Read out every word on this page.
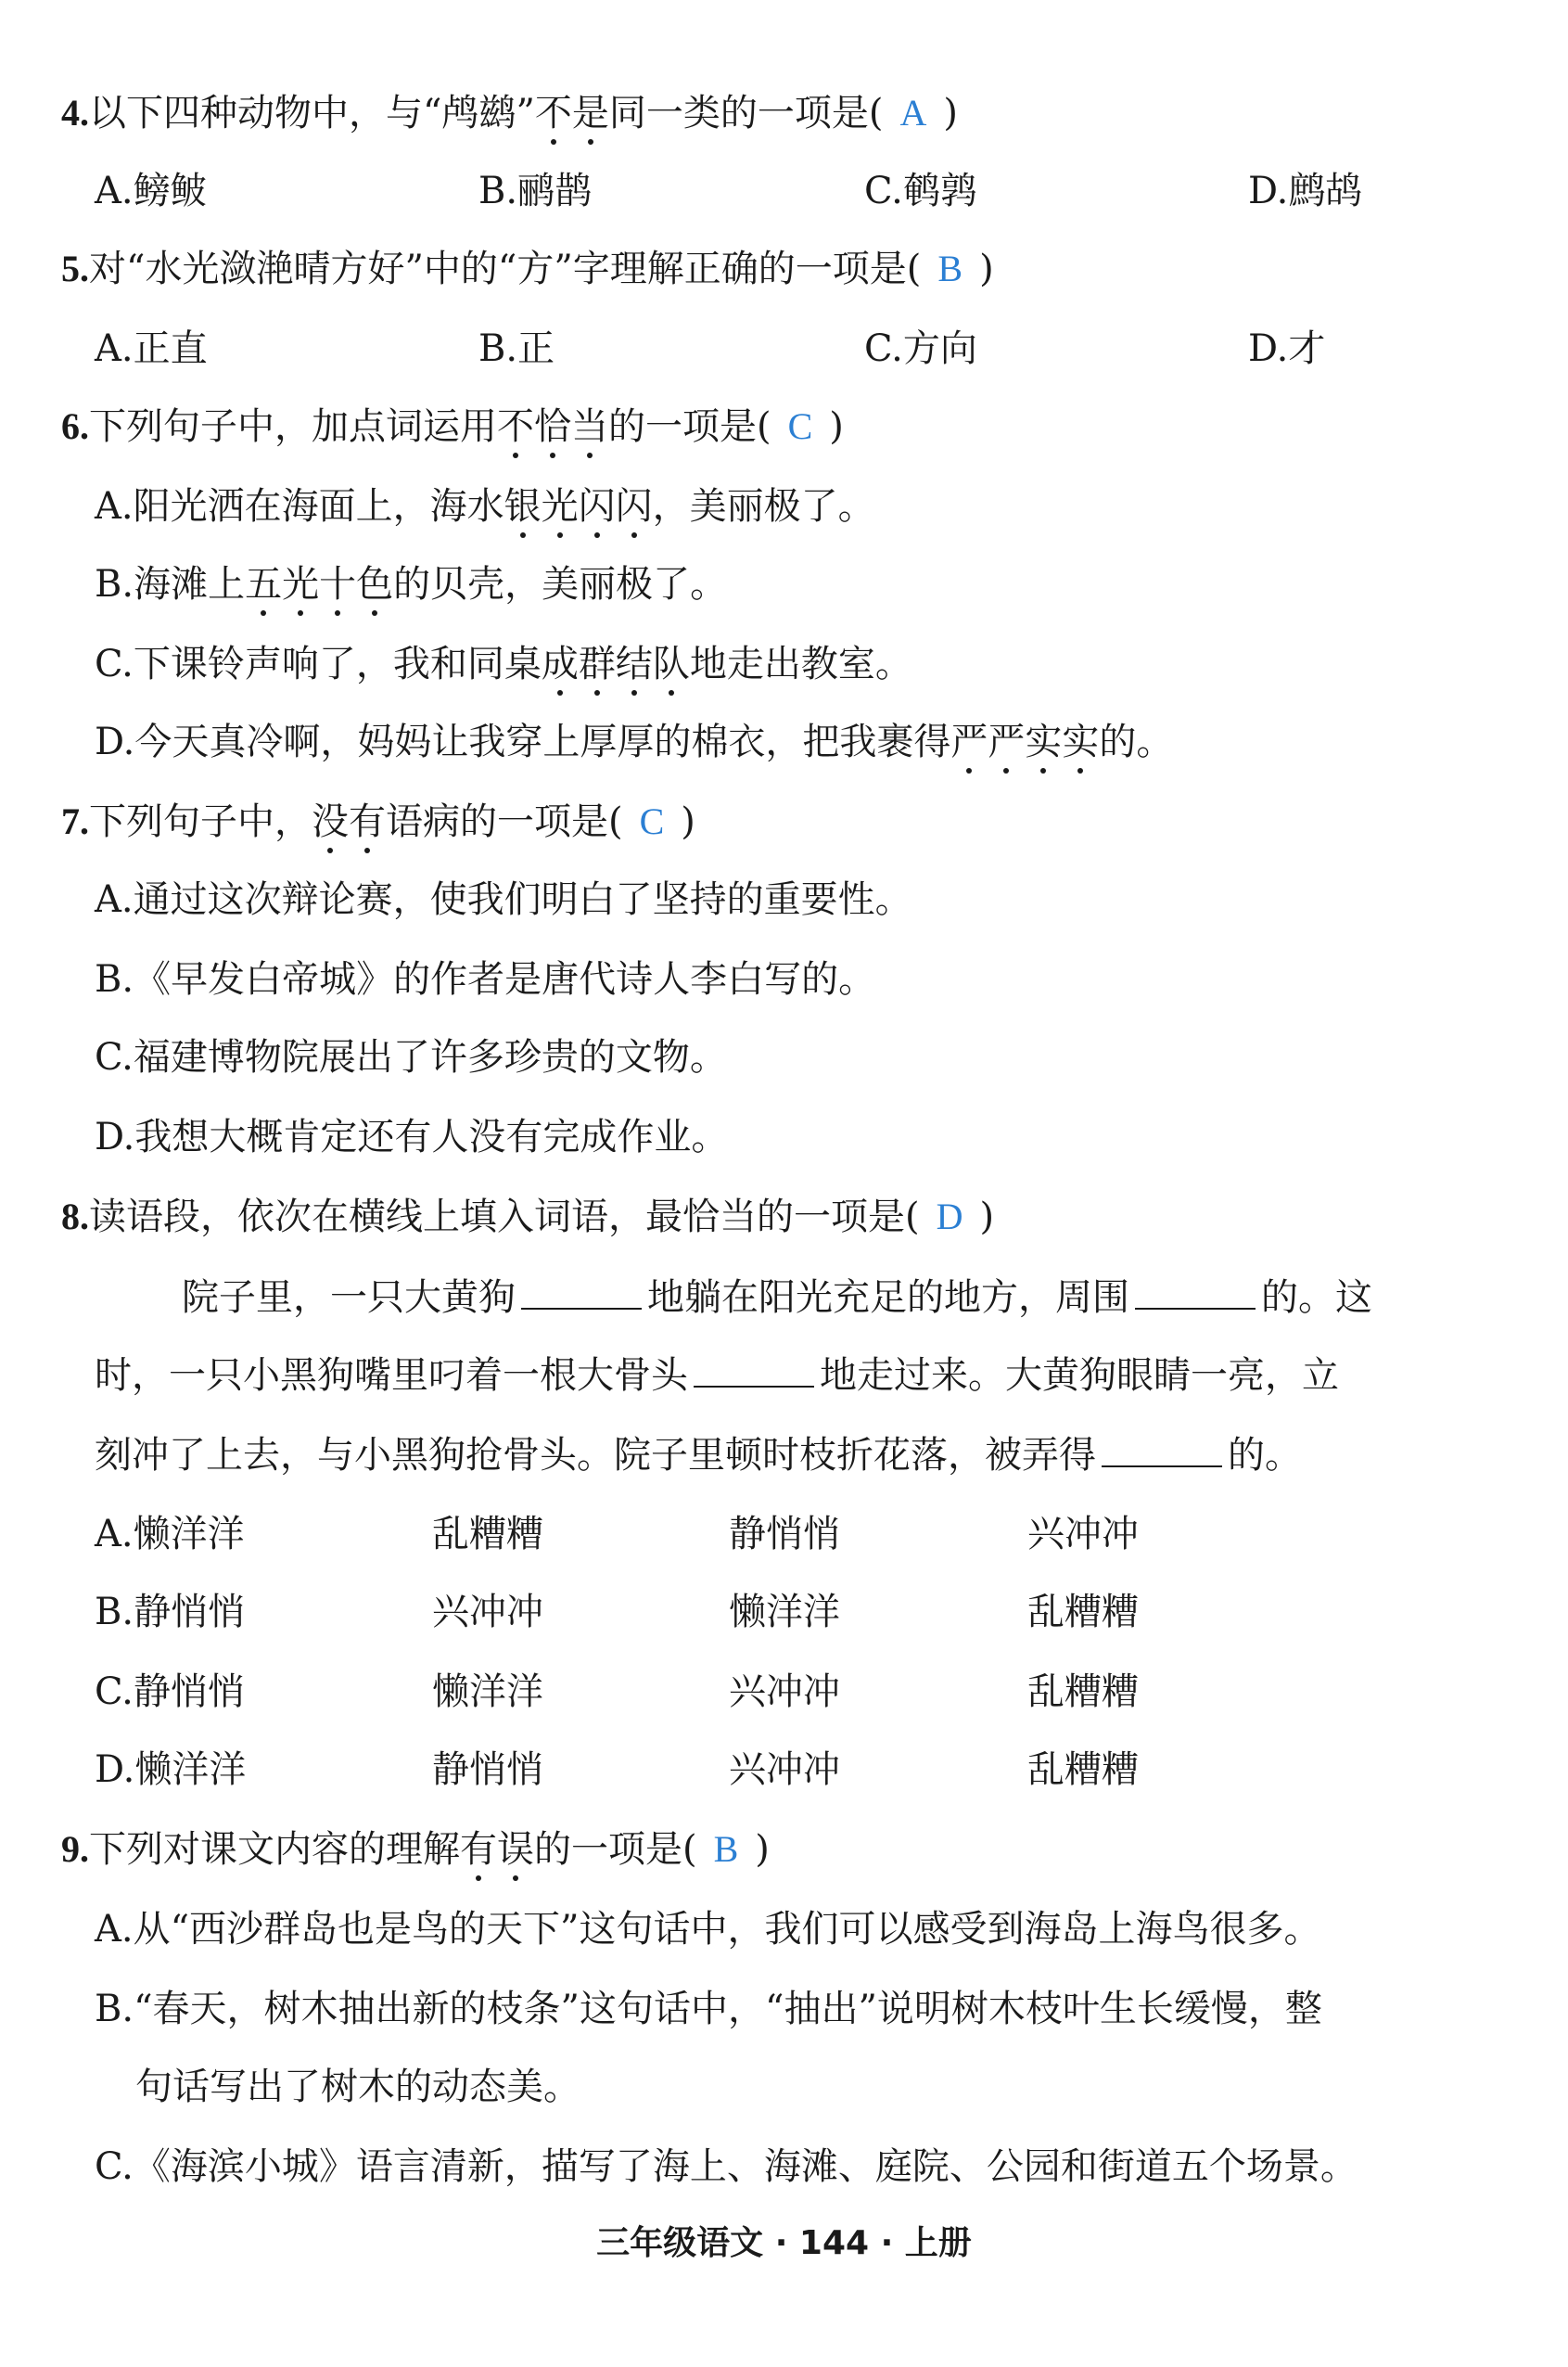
4.以下四种动物中，与“鸬鹚”不是同一类的一项是( A )
A.鳑鲏	B.鹂鹊	C.鹌鹑	D.鹧鸪
5.对“水光潋滟晴方好”中的“方”字理解正确的一项是( B )
A.正直	B.正	C.方向	D.才
6.下列句子中，加点词运用不恰当的一项是( C )
A.阳光洒在海面上，海水银光闪闪，美丽极了。
B.海滩上五光十色的贝壳，美丽极了。
C.下课铃声响了，我和同桌成群结队地走出教室。
D.今天真冷啊，妈妈让我穿上厚厚的棉衣，把我裹得严严实实的。
7.下列句子中，没有语病的一项是( C )
A.通过这次辩论赛，使我们明白了坚持的重要性。
B.《早发白帝城》的作者是唐代诗人李白写的。
C.福建博物院展出了许多珍贵的文物。
D.我想大概肯定还有人没有完成作业。
8.读语段，依次在横线上填入词语，最恰当的一项是( D )
院子里，一只大黄狗	地躺在阳光充足的地方，周围	的。这
时，一只小黑狗嘴里叼着一根大骨头	地走过来。大黄狗眼睛一亮，立
刻冲了上去，与小黑狗抢骨头。院子里顿时枝折花落，被弄得	的。
A.懒洋洋	乱糟糟	静悄悄	兴冲冲
B.静悄悄	兴冲冲	懒洋洋	乱糟糟
C.静悄悄	懒洋洋	兴冲冲	乱糟糟
D.懒洋洋	静悄悄	兴冲冲	乱糟糟
9.下列对课文内容的理解有误的一项是( B )
A.从“西沙群岛也是鸟的天下”这句话中，我们可以感受到海岛上海鸟很多。
B.“春天，树木抽出新的枝条”这句话中，“抽出”说明树木枝叶生长缓慢，整
句话写出了树木的动态美。
C.《海滨小城》语言清新，描写了海上、海滩、庭院、公园和街道五个场景。
三年级语文 · 144 · 上册
